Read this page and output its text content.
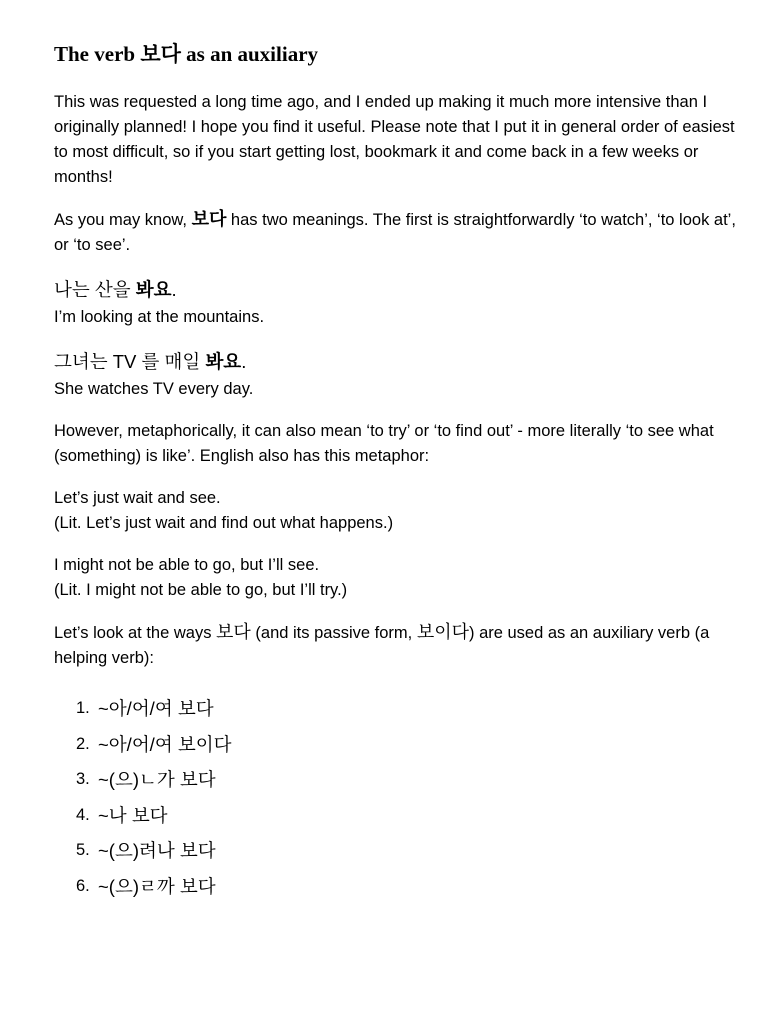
The verb 보다 as an auxiliary

This was requested a long time ago, and I ended up making it much more intensive than I originally planned! I hope you find it useful. Please note that I put it in general order of easiest to most difficult, so if you start getting lost, bookmark it and come back in a few weeks or months!

As you may know, 보다 has two meanings. The first is straightforwardly ‘to watch’, ‘to look at’, or ‘to see’.

나는 산을 봐요.
I’m looking at the mountains.
그녀는 TV 를 매일 봐요.
She watches TV every day.

However, metaphorically, it can also mean ‘to try’ or ‘to find out’ - more literally ‘to see what (something) is like’. English also has this metaphor:

Let’s just wait and see.
(Lit. Let’s just wait and find out what happens.)

I might not be able to go, but I’ll see.
(Lit. I might not be able to go, but I’ll try.)

Let’s look at the ways 보다 (and its passive form, 보이다) are used as an auxiliary verb (a helping verb):

1. ~아/어/여 보다
2. ~아/어/여 보이다
3. ~(으)ㄴ가 보다
4. ~나 보다
5. ~(으)려나 보다
6. ~(으)ㄹ까 보다
